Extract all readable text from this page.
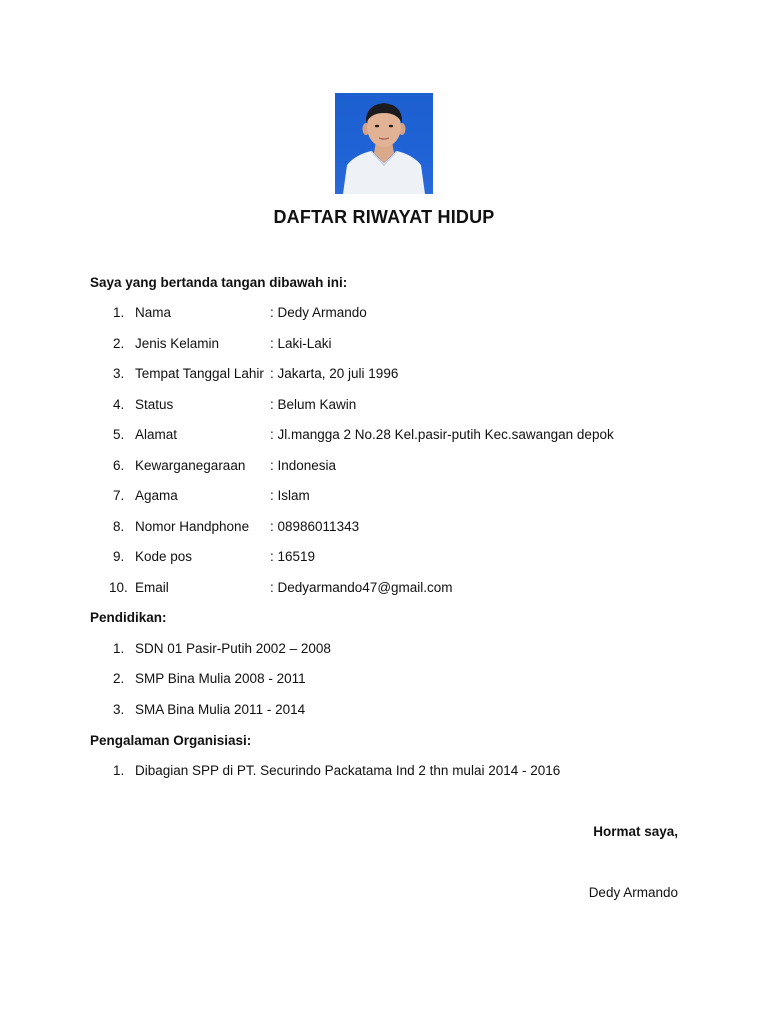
DAFTAR RIWAYAT HIDUP
Saya yang bertanda tangan dibawah ini:
1. Nama	: Dedy Armando
2. Jenis Kelamin	: Laki-Laki
3. Tempat Tanggal Lahir : Jakarta, 20 juli 1996
4. Status	: Belum Kawin
5. Alamat	: Jl.mangga 2 No.28 Kel.pasir-putih Kec.sawangan depok
6. Kewarganegaraan : Indonesia
7. Agama	: Islam
8. Nomor Handphone : 08986011343
9. Kode pos	: 16519
10. Email	: Dedyarmando47@gmail.com
Pendidikan:
1. SDN 01 Pasir-Putih 2002 – 2008
2. SMP Bina Mulia 2008 - 2011
3. SMA Bina Mulia 2011 - 2014
Pengalaman Organisiasi:
1. Dibagian SPP di PT. Securindo Packatama Ind 2 thn mulai 2014 - 2016
Hormat saya,
Dedy Armando
